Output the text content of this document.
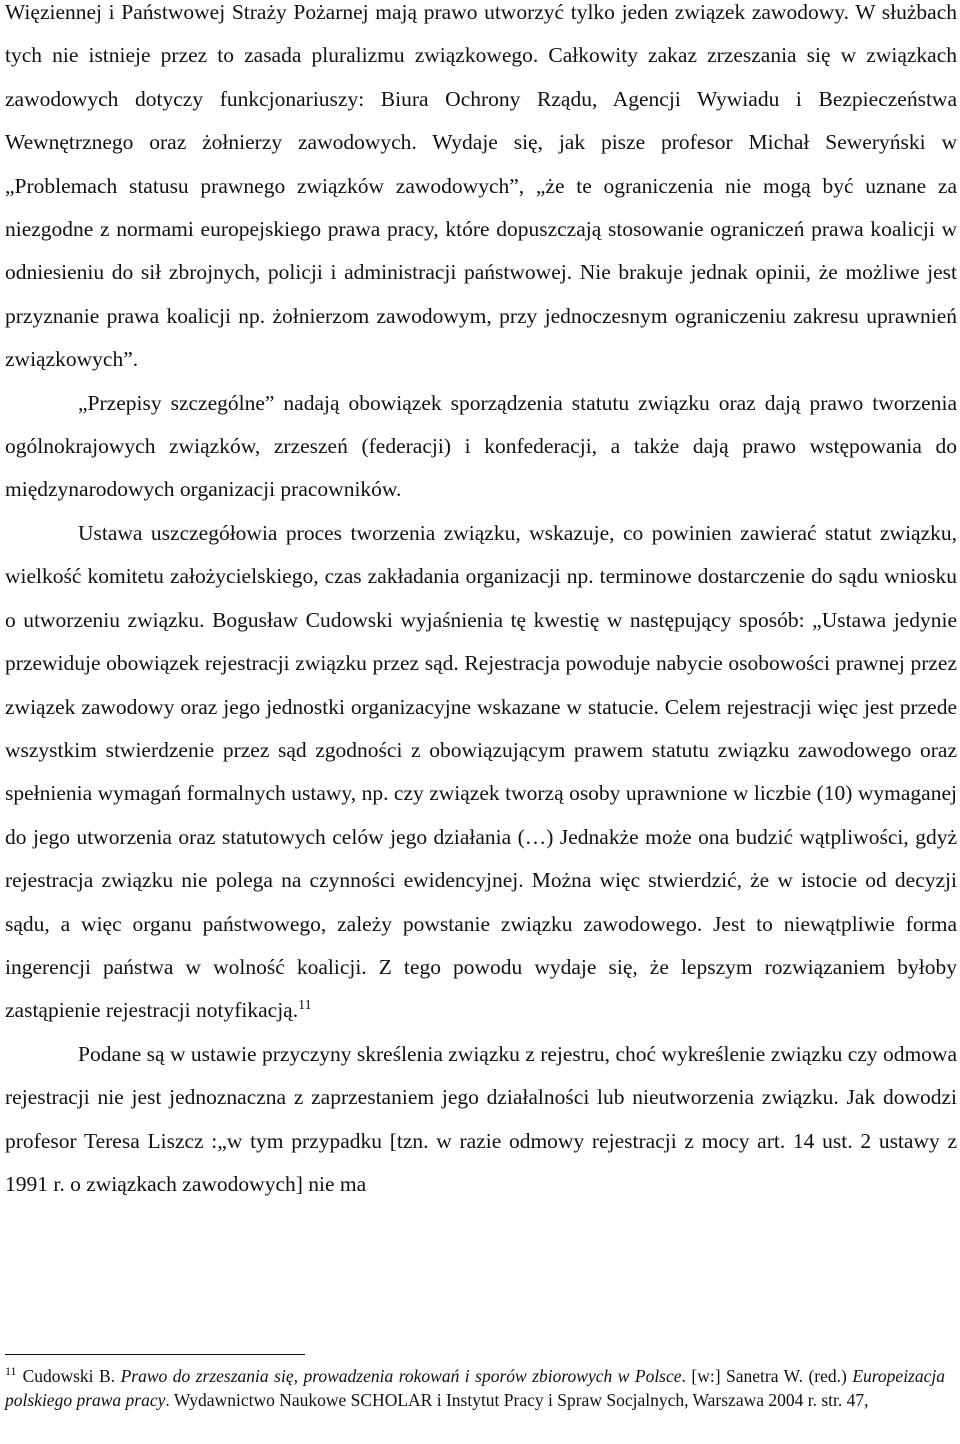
Więziennej i Państwowej Straży Pożarnej mają prawo utworzyć tylko jeden związek zawodowy. W służbach tych nie istnieje przez to zasada pluralizmu związkowego. Całkowity zakaz zrzeszania się w związkach zawodowych dotyczy funkcjonariuszy: Biura Ochrony Rządu, Agencji Wywiadu i Bezpieczeństwa Wewnętrznego oraz żołnierzy zawodowych. Wydaje się, jak pisze profesor Michał Seweryński w „Problemach statusu prawnego związków zawodowych”, „że te ograniczenia nie mogą być uznane za niezgodne z normami europejskiego prawa pracy, które dopuszczają stosowanie ograniczeń prawa koalicji w odniesieniu do sił zbrojnych, policji i administracji państwowej. Nie brakuje jednak opinii, że możliwe jest przyznanie prawa koalicji np. żołnierzom zawodowym, przy jednoczesnym ograniczeniu zakresu uprawnień związkowych”.

„Przepisy szczególne” nadają obowiązek sporządzenia statutu związku oraz dają prawo tworzenia ogólnokrajowych związków, zrzeszeń (federacji) i konfederacji, a także dają prawo wstępowania do międzynarodowych organizacji pracowników.

Ustawa uszczegółowia proces tworzenia związku, wskazuje, co powinien zawierać statut związku, wielkość komitetu założycielskiego, czas zakładania organizacji np. terminowe dostarczenie do sądu wniosku o utworzeniu związku. Bogusław Cudowski wyjaśnienia tę kwestię w następujący sposób: „Ustawa jedynie przewiduje obowiązek rejestracji związku przez sąd. Rejestracja powoduje nabycie osobowości prawnej przez związek zawodowy oraz jego jednostki organizacyjne wskazane w statucie. Celem rejestracji więc jest przede wszystkim stwierdzenie przez sąd zgodności z obowiązującym prawem statutu związku zawodowego oraz spełnienia wymagań formalnych ustawy, np. czy związek tworzą osoby uprawnione w liczbie (10) wymaganej do jego utworzenia oraz statutowych celów jego działania (…) Jednakże może ona budzić wątpliwości, gdyż rejestracja związku nie polega na czynności ewidencyjnej. Można więc stwierdzić, że w istocie od decyzji sądu, a więc organu państwowego, zależy powstanie związku zawodowego. Jest to niewątpliwie forma ingerencji państwa w wolność koalicji. Z tego powodu wydaje się, że lepszym rozwiązaniem byłoby zastąpienie rejestracji notyfikacją.$^{11}$

Podane są w ustawie przyczyny skreślenia związku z rejestru, choć wykreślenie związku czy odmowa rejestracji nie jest jednoznaczna z zaprzestaniem jego działalności lub nieutworzenia związku. Jak dowodzi profesor Teresa Liszcz :„w tym przypadku [tzn. w razie odmowy rejestracji z mocy art. 14 ust. 2 ustawy z 1991 r. o związkach zawodowych] nie ma

$^{11}$ Cudowski B. Prawo do zrzeszania się, prowadzenia rokowań i sporów zbiorowych w Polsce. [w:] Sanetra W. (red.) Europeizacja polskiego prawa pracy. Wydawnictwo Naukowe SCHOLAR i Instytut Pracy i Spraw Socjalnych, Warszawa 2004 r. str. 47,
